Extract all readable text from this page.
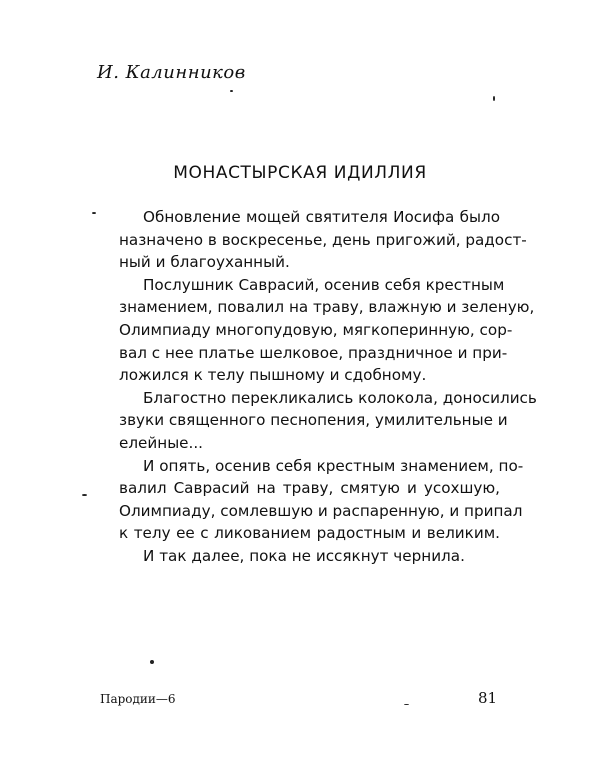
И. Калинников
МОНАСТЫРСКАЯ ИДИЛЛИЯ

Обновление мощей святителя Иосифа было
назначено в воскресенье, день пригожий, радост-
ный и благоуханный.

Послушник Саврасий, осенив себя крестным
знамением, повалил на траву, влажную и зеленую,
Олимпиаду многопудовую, мягкоперинную, сор-
вал с нее платье шелковое, праздничное и при-
ложился к телу пышному и сдобному.

Благостно перекликались колокола, доносились
звуки священного песнопения, умилительные и
елейные...

И опять, осенив себя крестным знамением, по-
валил Саврасий на траву, смятую и усохшую,
Олимпиаду, сомлевшую и распаренную, и припал
к телу ее с ликованием радостным и великим.

И так далее, пока не иссякнут чернила.

Пародии—6	81
